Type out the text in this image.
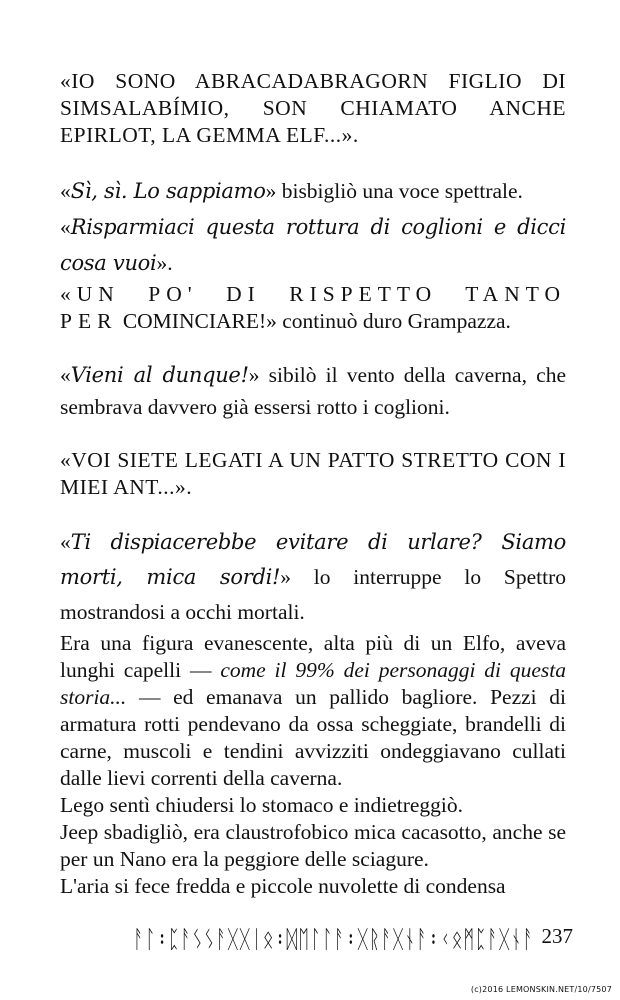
«IO SONO ABRACADABRAGORN FIGLIO DI SIMSALABÍMIO, SON CHIAMATO ANCHE EPIRLOT, LA GEMMA ELF...».

«Sì, sì. Lo sappiamo» bisbigliò una voce spettrale.

«Risparmiaci questa rottura di coglioni e dicci cosa vuoi».

«UN PO' DI RISPETTO TANTO PER COMINCIARE!» continuò duro Grampazza.

«Vieni al dunque!» sibilò il vento della caverna, che sembrava davvero già essersi rotto i coglioni.

«VOI SIETE LEGATI A UN PATTO STRETTO CON I MIEI ANT...».

«Ti dispiacerebbe evitare di urlare? Siamo morti, mica sordi!» lo interruppe lo Spettro mostrandosi a occhi mortali.

Era una figura evanescente, alta più di un Elfo, aveva lunghi capelli — come il 99% dei personaggi di questa storia... — ed emanava un pallido bagliore. Pezzi di armatura rotti pendevano da ossa scheggiate, brandelli di carne, muscoli e tendini avvizziti ondeggiavano cullati dalle lievi correnti della caverna.

Lego sentì chiudersi lo stomaco e indietreggiò.

Jeep sbadigliò, era claustrofobico mica cacasotto, anche se per un Nano era la peggiore delle sciagure.

L'aria si fece fredda e piccole nuvolette di condensa

ᚨᛚ᛬ᛈᚨᛊᛊᚨᚷᚷᛁᛟ᛬ᛞᛖᛚᛚᚨ᛬ᚷᚱᚨᚷᚾᚨ᛬ᚲᛟᛗᛈᚨᚷᚾᚨ 237
(c)2016 LEMONSKIN.NET/10/7507
